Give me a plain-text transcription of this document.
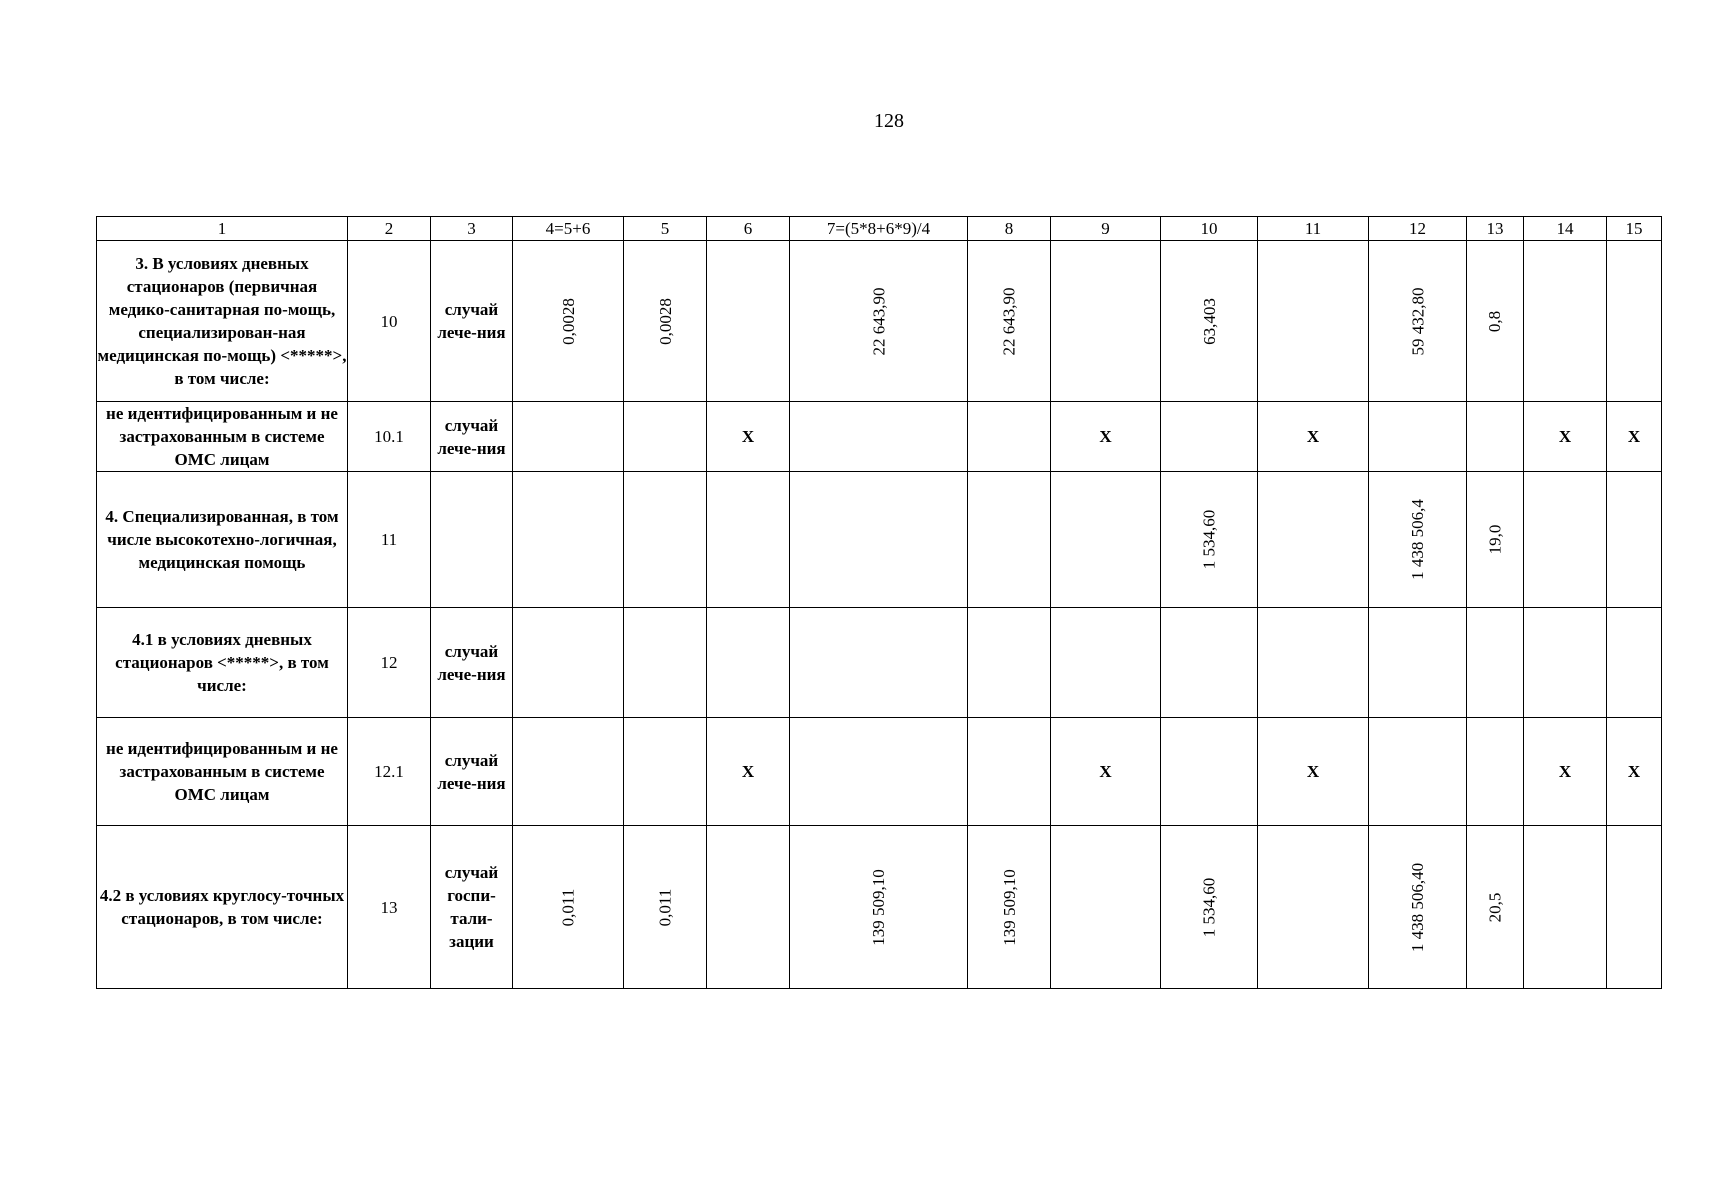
128
1	2	3	4=5+6	5	6	7=(5*8+6*9)/4	8	9	10	11	12	13	14	15
3. В условиях дневных стационаров (первичная медико-санитарная по-мощь, специализирован-ная медицинская по-мощь) <*****>, в том числе:	10	случай лече-ния	0,0028	0,0028		22 643,90	22 643,90		63,403		59 432,80	0,8		
не идентифицированным и не застрахованным в системе ОМС лицам	10.1	случай лече-ния			X			X		X			X	X
4. Специализированная, в том числе высокотехно-логичная, медицинская помощь	11								1 534,60		1 438 506,4	19,0		
4.1 в условиях дневных стационаров <*****>, в том числе:	12	случай лече-ния												
не идентифицированным и не застрахованным в системе ОМС лицам	12.1	случай лече-ния			X			X		X			X	X
4.2 в условиях круглосу-точных стационаров, в том числе:	13	случай госпи-тали-зации	0,011	0,011		139 509,10	139 509,10		1 534,60		1 438 506,40	20,5		
